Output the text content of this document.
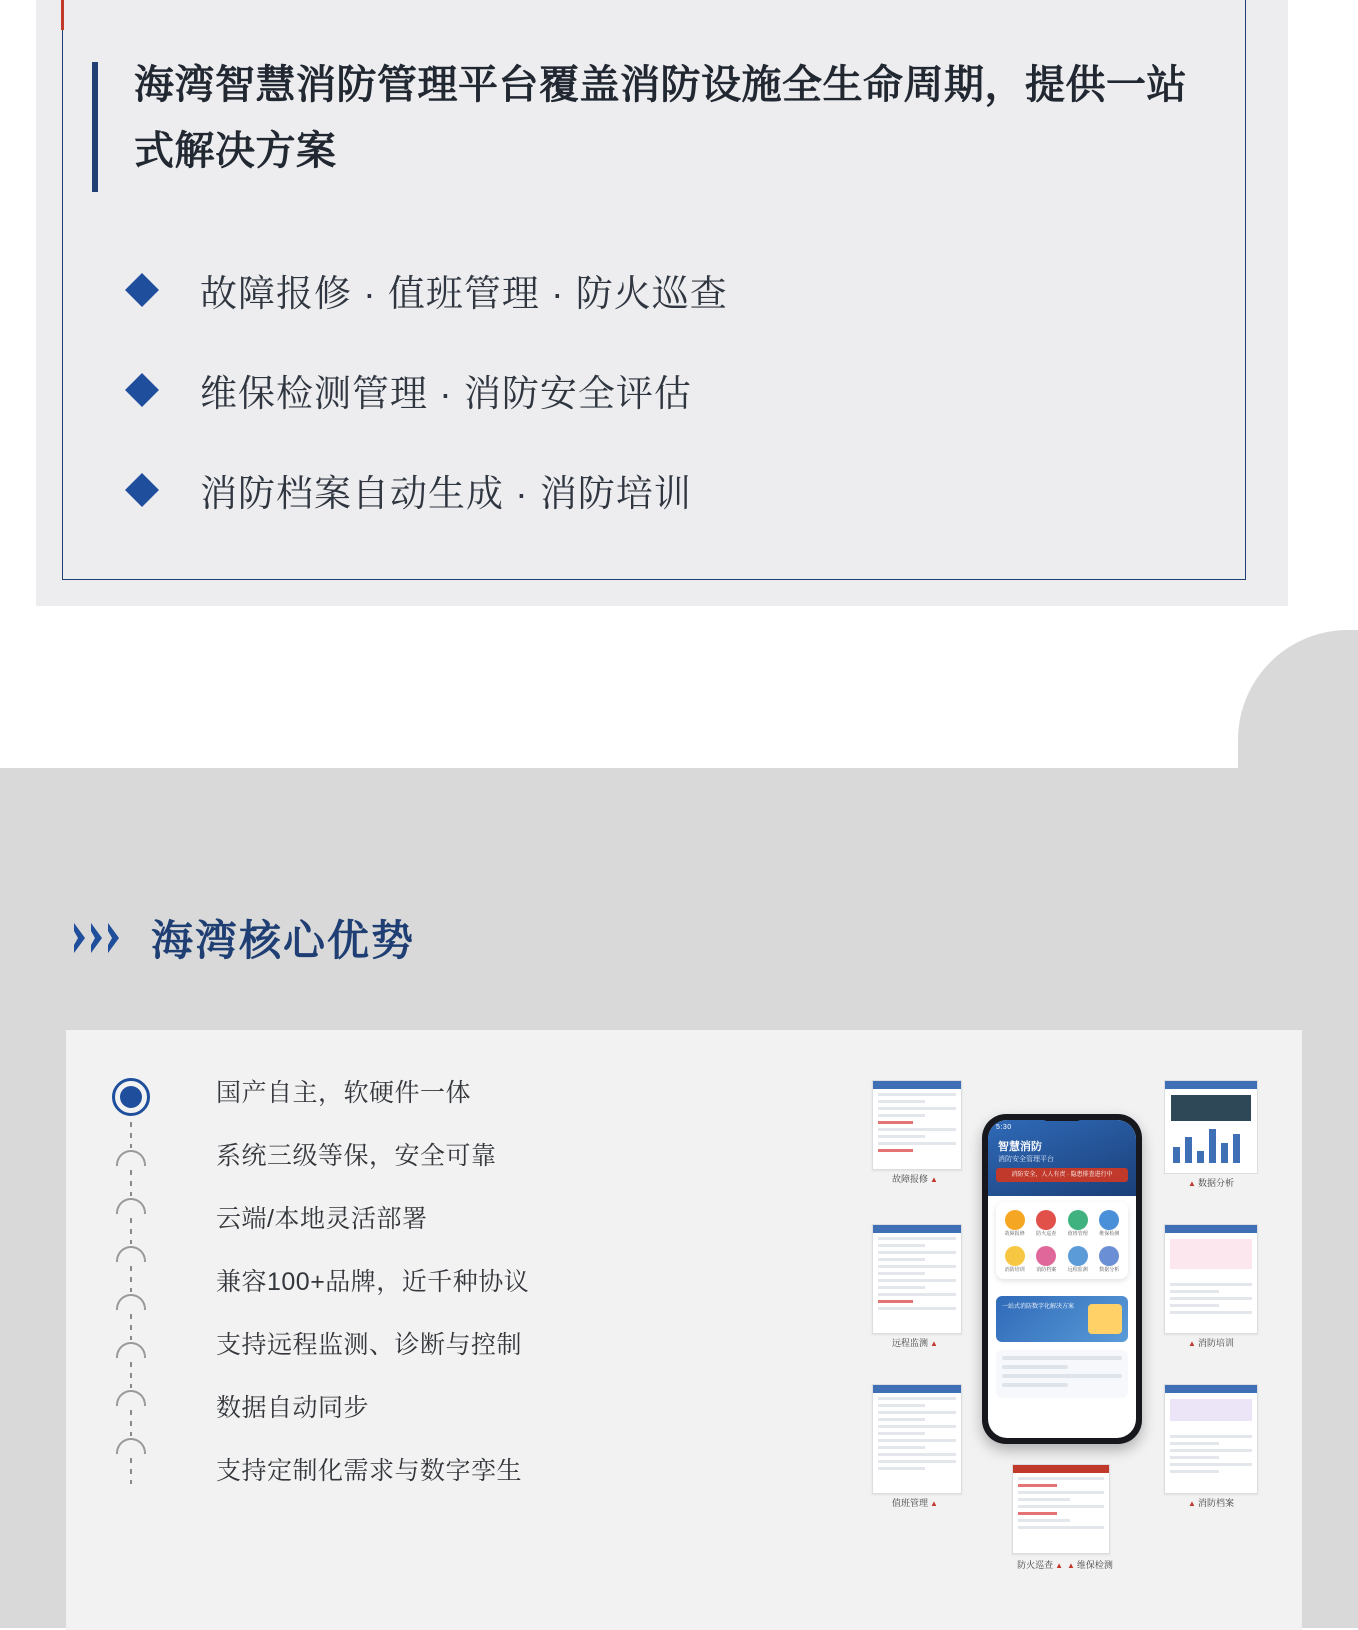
海湾智慧消防管理平台覆盖消防设施全生命周期，提供一站式解决方案
故障报修 · 值班管理 · 防火巡查
维保检测管理 · 消防安全评估
消防档案自动生成 · 消防培训
海湾核心优势
国产自主，软硬件一体
系统三级等保，安全可靠
云端/本地灵活部署
兼容100+品牌，近千种协议
支持远程监测、诊断与控制
数据自动同步
支持定制化需求与数字孪生
故障报修 ▲
远程监测 ▲
值班管理 ▲
▲ 数据分析
▲ 消防培训
▲ 消防档案
防火巡查 ▲ ▲ 维保检测
5:30
智慧消防
消防安全管理平台
消防安全，人人有责 · 隐患排查进行中
故障报修	防火巡查	值班管理	维保检测
消防培训	消防档案	远程监测	数据分析
一站式消防数字化解决方案
